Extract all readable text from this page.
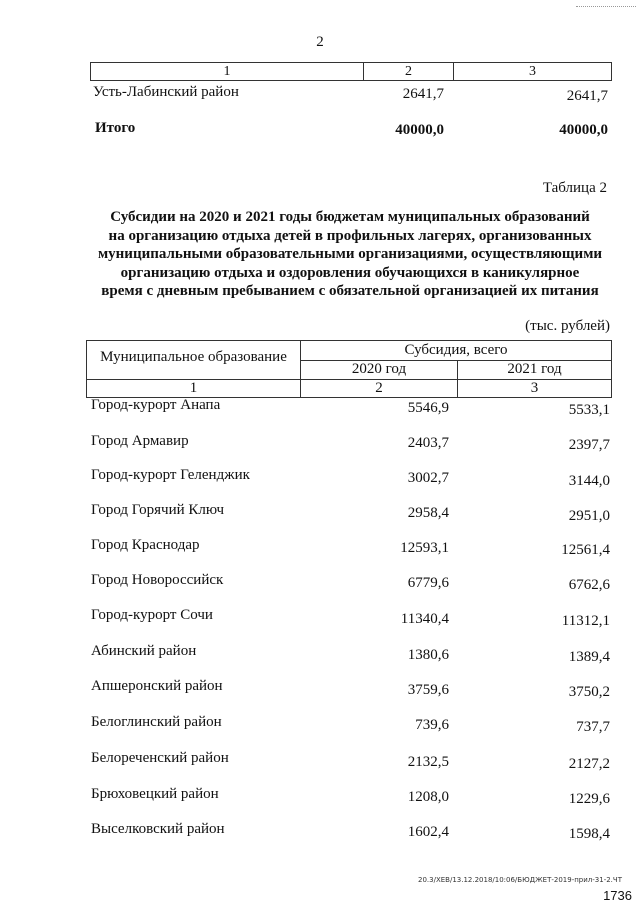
2
1	2	3
Усть-Лабинский район	2641,7	2641,7
Итого	40000,0	40000,0
Таблица 2
Субсидии на 2020 и 2021 годы бюджетам муниципальных образований
на организацию отдыха детей в профильных лагерях, организованных
муниципальными образовательными организациями, осуществляющими
организацию отдыха и оздоровления обучающихся в каникулярное
время с дневным пребыванием с обязательной организацией их питания
(тыс. рублей)
Муниципальное образование	Субсидия, всего
2020 год	2021 год
1	2	3
Город-курорт Анапа	5546,9	5533,1
Город Армавир	2403,7	2397,7
Город-курорт Геленджик	3002,7	3144,0
Город Горячий Ключ	2958,4	2951,0
Город Краснодар	12593,1	12561,4
Город Новороссийск	6779,6	6762,6
Город-курорт Сочи	11340,4	11312,1
Абинский район	1380,6	1389,4
Апшеронский район	3759,6	3750,2
Белоглинский район	739,6	737,7
Белореченский район	2132,5	2127,2
Брюховецкий район	1208,0	1229,6
Выселковский район	1602,4	1598,4
20.3/ХЕВ/13.12.2018/10:06/БЮДЖЕТ-2019-прил-31-2.ЧТ
1736
